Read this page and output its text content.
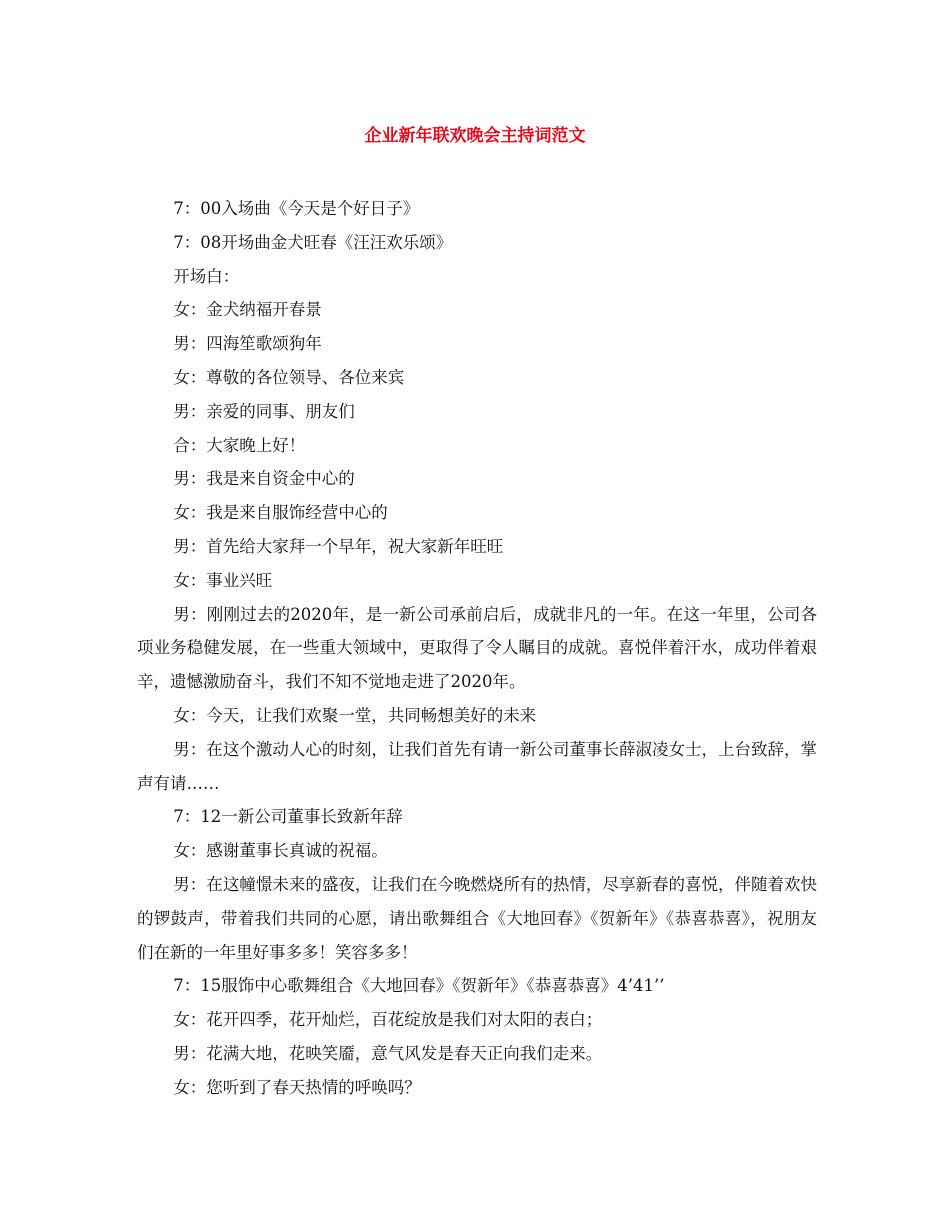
企业新年联欢晚会主持词范文

7：00入场曲《今天是个好日子》

7：08开场曲金犬旺春《汪汪欢乐颂》

开场白：

女：金犬纳福开春景

男：四海笙歌颂狗年

女：尊敬的各位领导、各位来宾

男：亲爱的同事、朋友们

合：大家晚上好！

男：我是来自资金中心的

女：我是来自服饰经营中心的

男：首先给大家拜一个早年，祝大家新年旺旺

女：事业兴旺

男：刚刚过去的2020年，是一新公司承前启后，成就非凡的一年。在这一年里，公司各项业务稳健发展，在一些重大领域中，更取得了令人瞩目的成就。喜悦伴着汗水，成功伴着艰辛，遗憾激励奋斗，我们不知不觉地走进了2020年。

女：今天，让我们欢聚一堂，共同畅想美好的未来

男：在这个激动人心的时刻，让我们首先有请一新公司董事长薛淑凌女士，上台致辞，掌声有请……

7：12一新公司董事长致新年辞

女：感谢董事长真诚的祝福。

男：在这幢憬未来的盛夜，让我们在今晚燃烧所有的热情，尽享新春的喜悦，伴随着欢快的锣鼓声，带着我们共同的心愿，请出歌舞组合《大地回春》《贺新年》《恭喜恭喜》，祝朋友们在新的一年里好事多多！笑容多多！

7：15服饰中心歌舞组合《大地回春》《贺新年》《恭喜恭喜》4’41’’

女：花开四季，花开灿烂，百花绽放是我们对太阳的表白；

男：花满大地，花映笑靥，意气风发是春天正向我们走来。

女：您听到了春天热情的呼唤吗？
